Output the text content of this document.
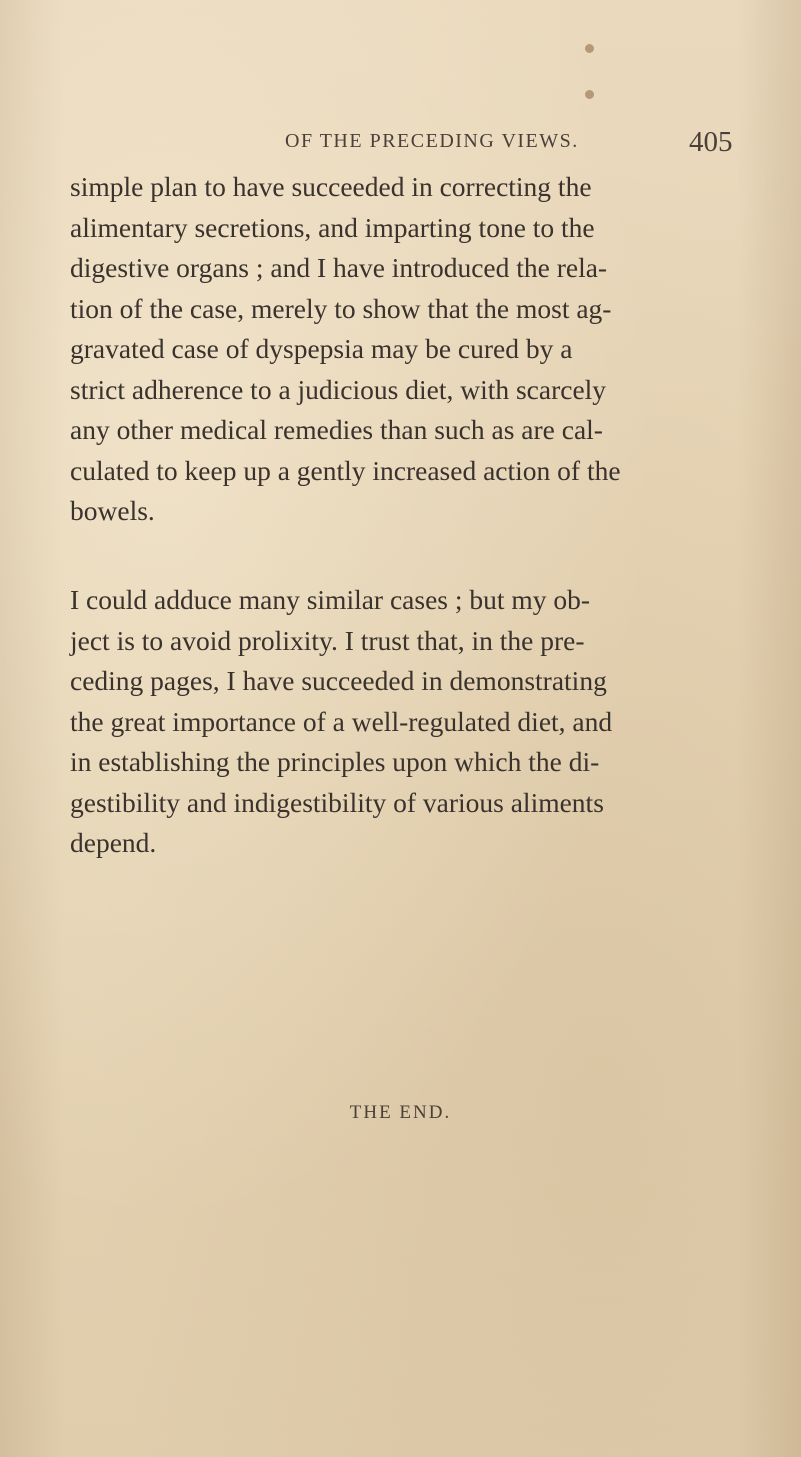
OF THE PRECEDING VIEWS.	405
simple plan to have succeeded in correcting the
alimentary secretions, and imparting tone to the
digestive organs ; and I have introduced the rela-
tion of the case, merely to show that the most ag-
gravated case of dyspepsia may be cured by a
strict adherence to a judicious diet, with scarcely
any other medical remedies than such as are cal-
culated to keep up a gently increased action of the
bowels.
I could adduce many similar cases ; but my ob-
ject is to avoid prolixity. I trust that, in the pre-
ceding pages, I have succeeded in demonstrating
the great importance of a well-regulated diet, and
in establishing the principles upon which the di-
gestibility and indigestibility of various aliments
depend.
THE END.
